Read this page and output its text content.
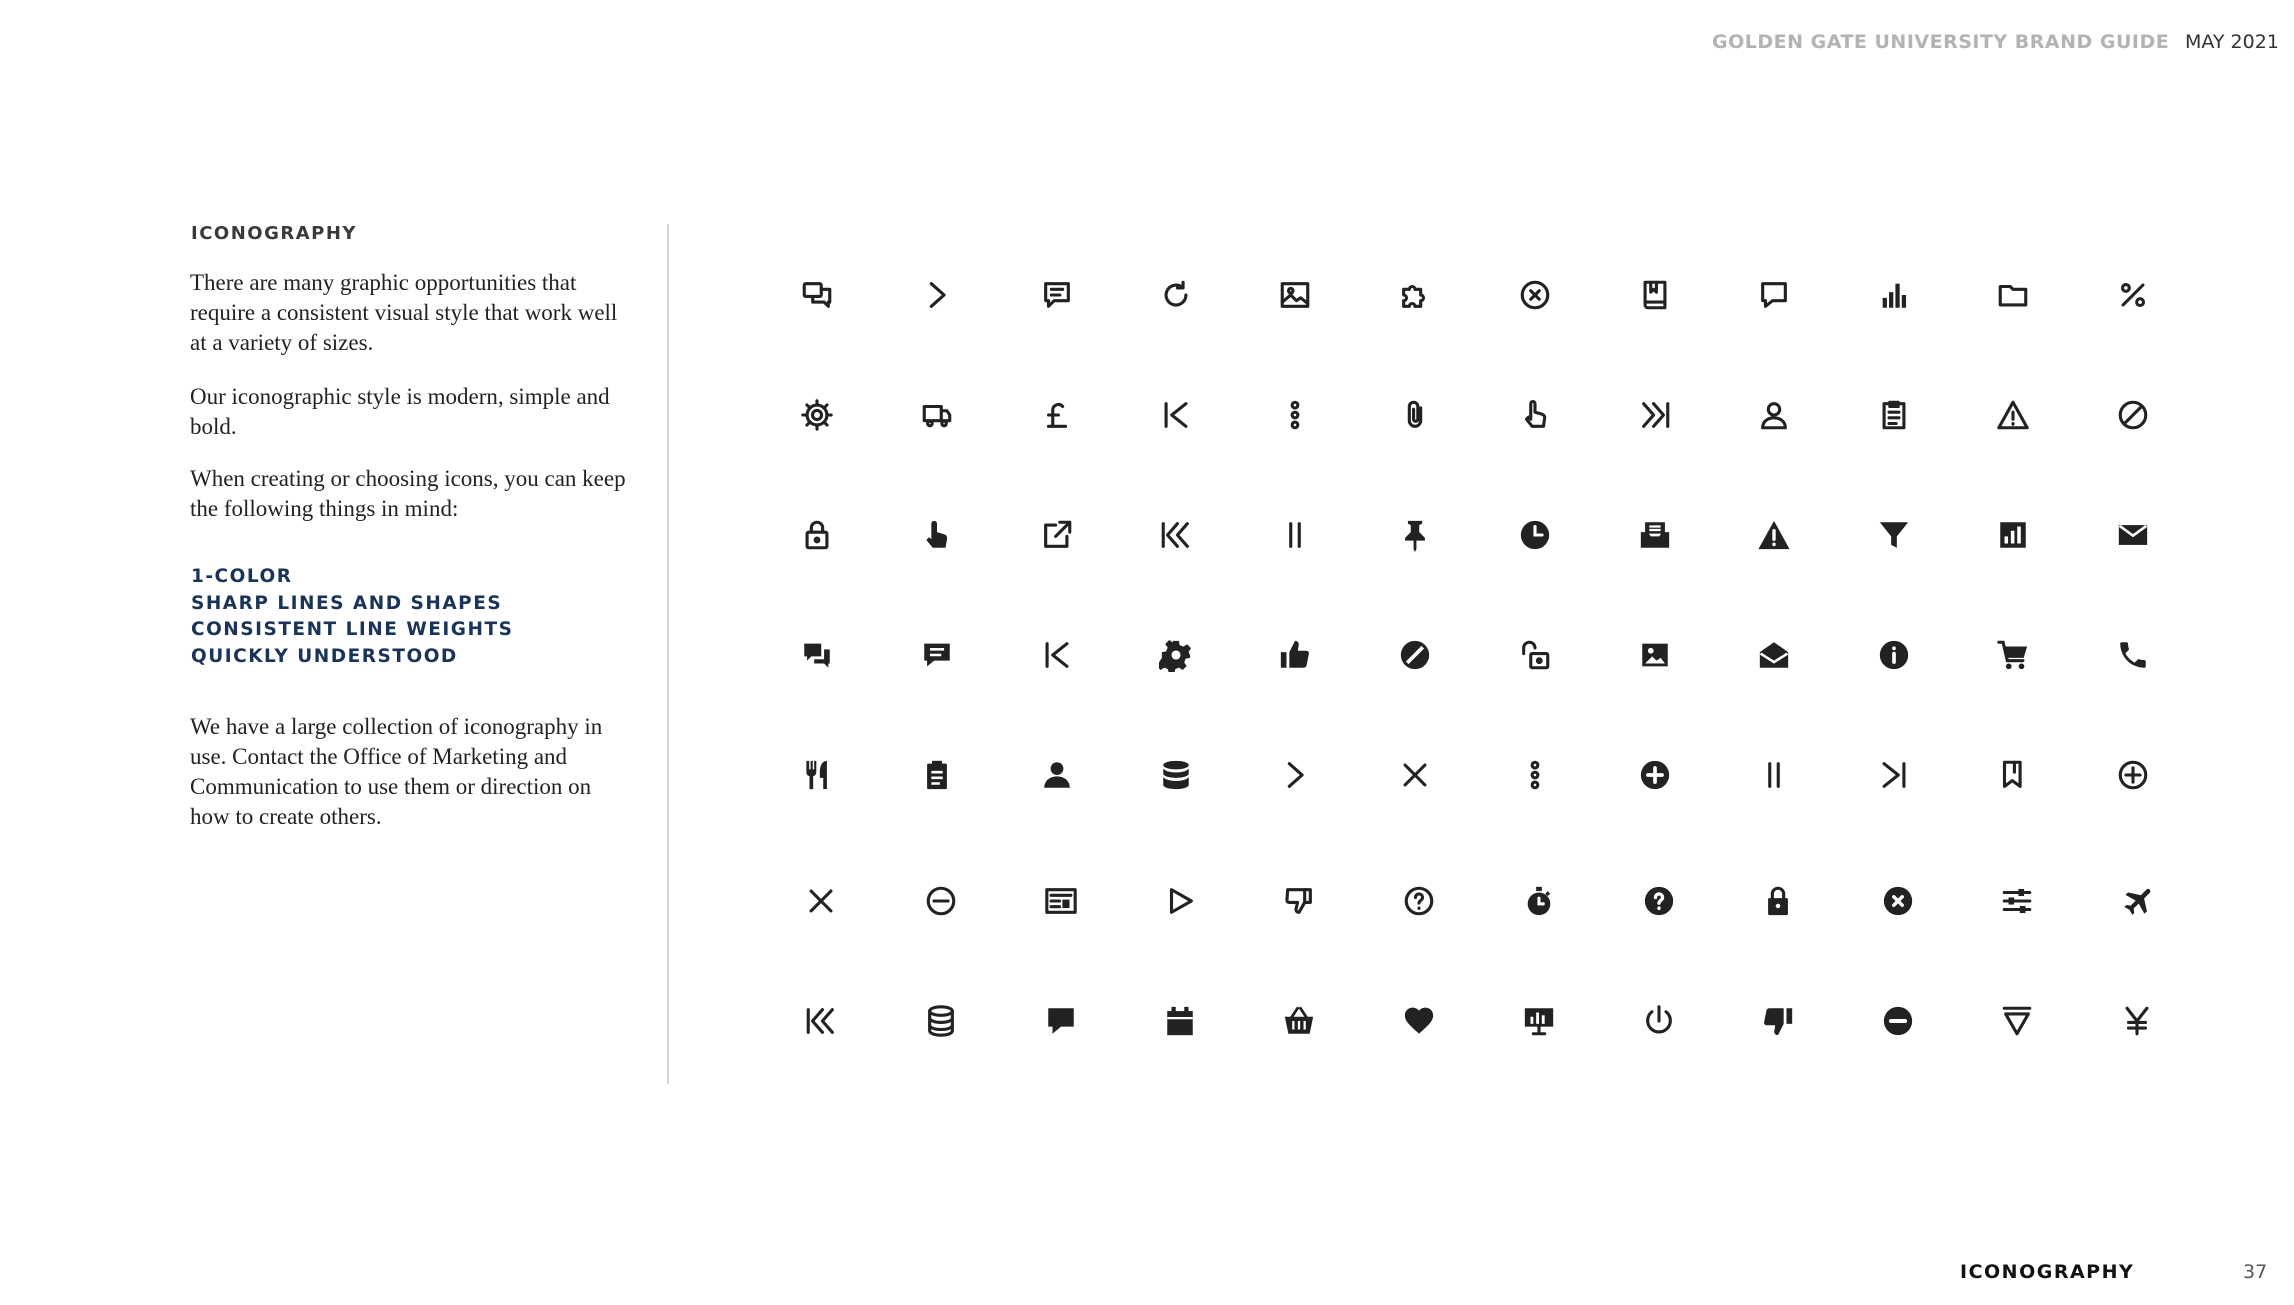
GOLDEN GATE UNIVERSITY BRAND GUIDE MAY 2021
ICONOGRAPHY
There are many graphic opportunities that require a consistent visual style that work well at a variety of sizes.
Our iconographic style is modern, simple and bold.
When creating or choosing icons, you can keep the following things in mind:
1-COLOR
SHARP LINES AND SHAPES
CONSISTENT LINE WEIGHTS
QUICKLY UNDERSTOOD
We have a large collection of iconography in use. Contact the Office of Marketing and Communication to use them or direction on how to create others.
ICONOGRAPHY	37
